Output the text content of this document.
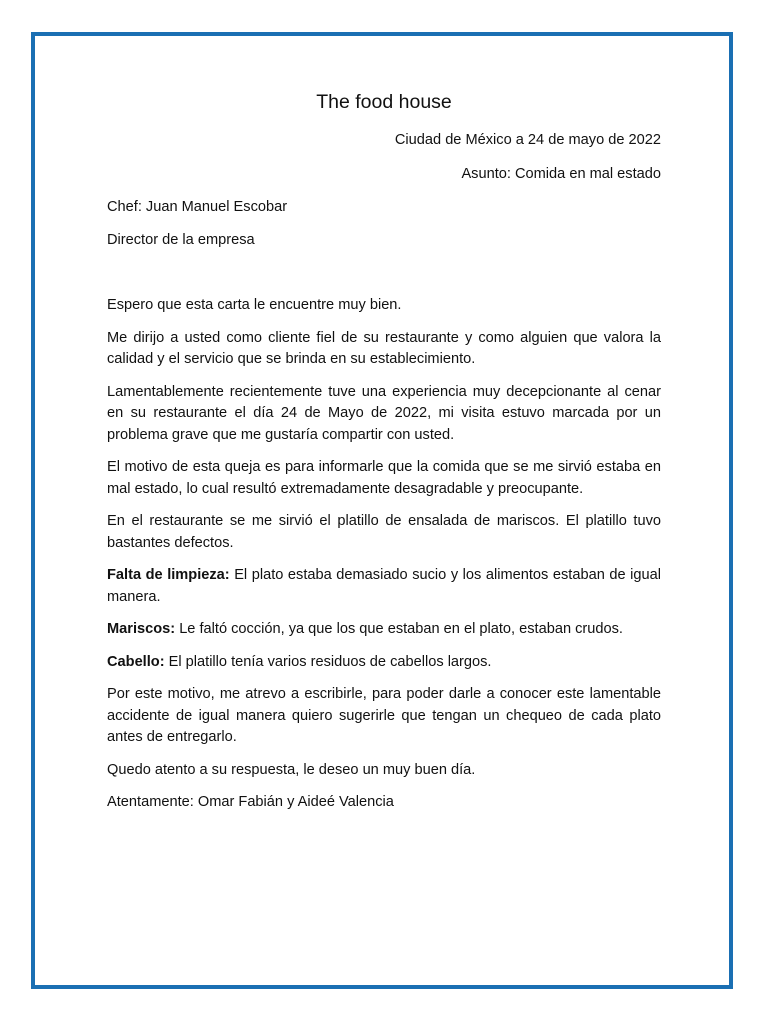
The food house
Ciudad de México a 24 de mayo de 2022
Asunto: Comida en mal estado
Chef: Juan Manuel Escobar
Director de la empresa
Espero que esta carta le encuentre muy bien.
Me dirijo a usted como cliente fiel de su restaurante y como alguien que valora la calidad y el servicio que se brinda en su establecimiento.
Lamentablemente recientemente tuve una experiencia muy decepcionante al cenar en su restaurante el día 24 de Mayo de 2022, mi visita estuvo marcada por un problema grave que me gustaría compartir con usted.
El motivo de esta queja es para informarle que la comida que se me sirvió estaba en mal estado, lo cual resultó extremadamente desagradable y preocupante.
En el restaurante se me sirvió el platillo de ensalada de mariscos. El platillo tuvo bastantes defectos.
Falta de limpieza: El plato estaba demasiado sucio y los alimentos estaban de igual manera.
Mariscos: Le faltó cocción, ya que los que estaban en el plato, estaban crudos.
Cabello: El platillo tenía varios residuos de cabellos largos.
Por este motivo, me atrevo a escribirle, para poder darle a conocer este lamentable accidente de igual manera quiero sugerirle que tengan un chequeo de cada plato antes de entregarlo.
Quedo atento a su respuesta, le deseo un muy buen día.
Atentamente: Omar Fabián y Aideé Valencia
